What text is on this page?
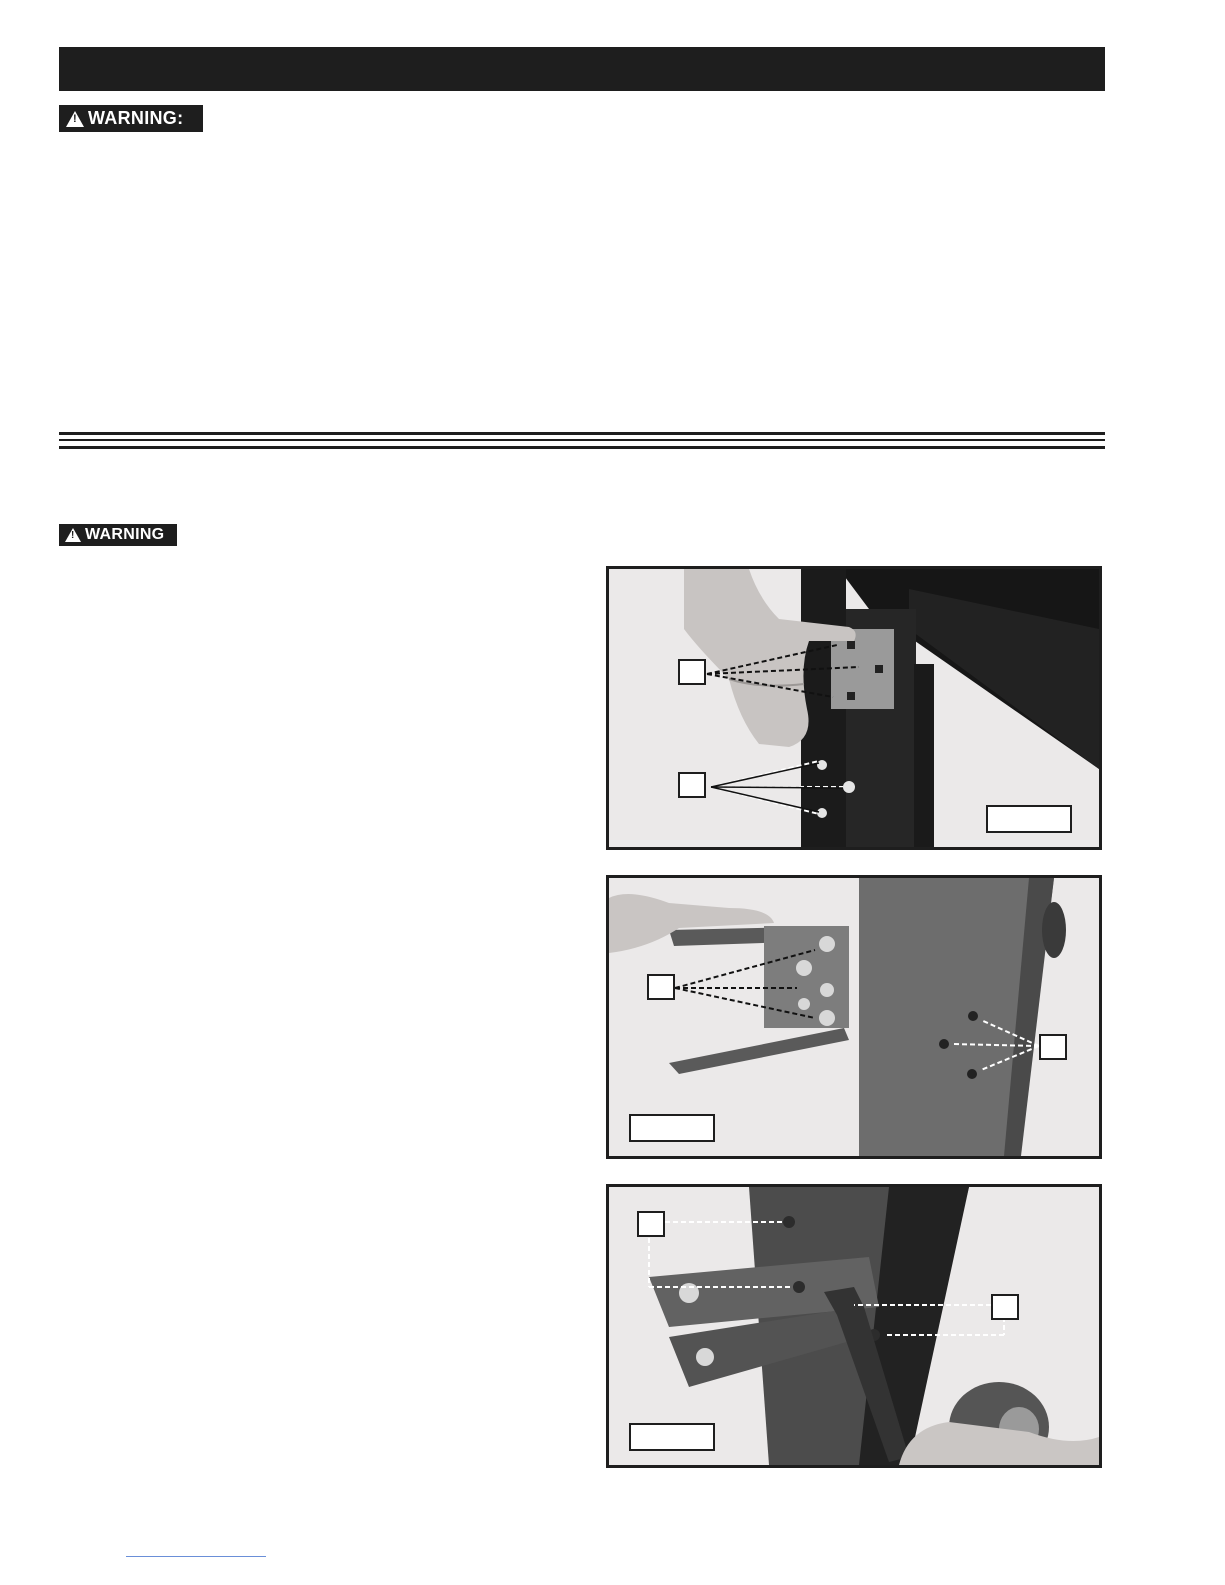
!
WARNING:
!
WARNING
